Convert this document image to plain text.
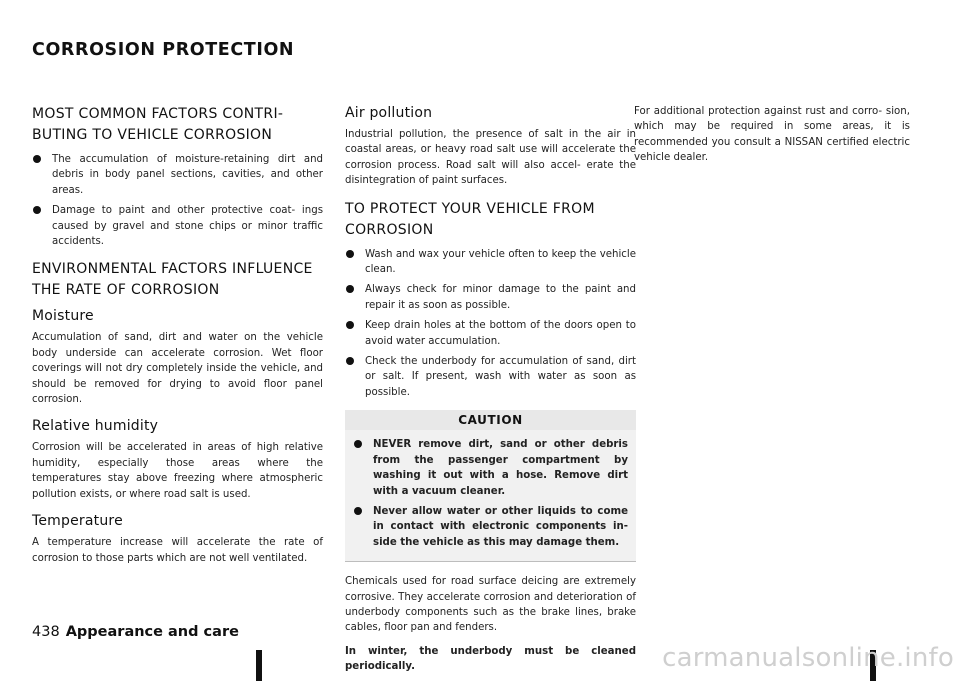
CORROSION PROTECTION
MOST COMMON FACTORS CONTRI- BUTING TO VEHICLE CORROSION
The accumulation of moisture-retaining dirt and debris in body panel sections, cavities, and other areas.
Damage to paint and other protective coat- ings caused by gravel and stone chips or minor traffic accidents.
ENVIRONMENTAL FACTORS INFLUENCE THE RATE OF CORROSION
Moisture

Accumulation of sand, dirt and water on the vehicle body underside can accelerate corrosion. Wet floor coverings will not dry completely inside the vehicle, and should be removed for drying to avoid floor panel corrosion.

Relative humidity

Corrosion will be accelerated in areas of high relative humidity, especially those areas where the temperatures stay above freezing where atmospheric pollution exists, or where road salt is used.

Temperature

A temperature increase will accelerate the rate of corrosion to those parts which are not well ventilated.

Air pollution

Industrial pollution, the presence of salt in the air in coastal areas, or heavy road salt use will accelerate the corrosion process. Road salt will also accel- erate the disintegration of paint surfaces.

TO PROTECT YOUR VEHICLE FROM CORROSION
Wash and wax your vehicle often to keep the vehicle clean.
Always check for minor damage to the paint and repair it as soon as possible.
Keep drain holes at the bottom of the doors open to avoid water accumulation.
Check the underbody for accumulation of sand, dirt or salt. If present, wash with water as soon as possible.
CAUTION
NEVER remove dirt, sand or other debris from the passenger compartment by washing it out with a hose. Remove dirt with a vacuum cleaner.
Never allow water or other liquids to come in contact with electronic components in- side the vehicle as this may damage them.

Chemicals used for road surface deicing are extremely corrosive. They accelerate corrosion and deterioration of underbody components such as the brake lines, brake cables, floor pan and fenders.

In winter, the underbody must be cleaned periodically.

For additional protection against rust and corro- sion, which may be required in some areas, it is recommended you consult a NISSAN certified electric vehicle dealer.

438 Appearance and care
carmanualsonline.info
